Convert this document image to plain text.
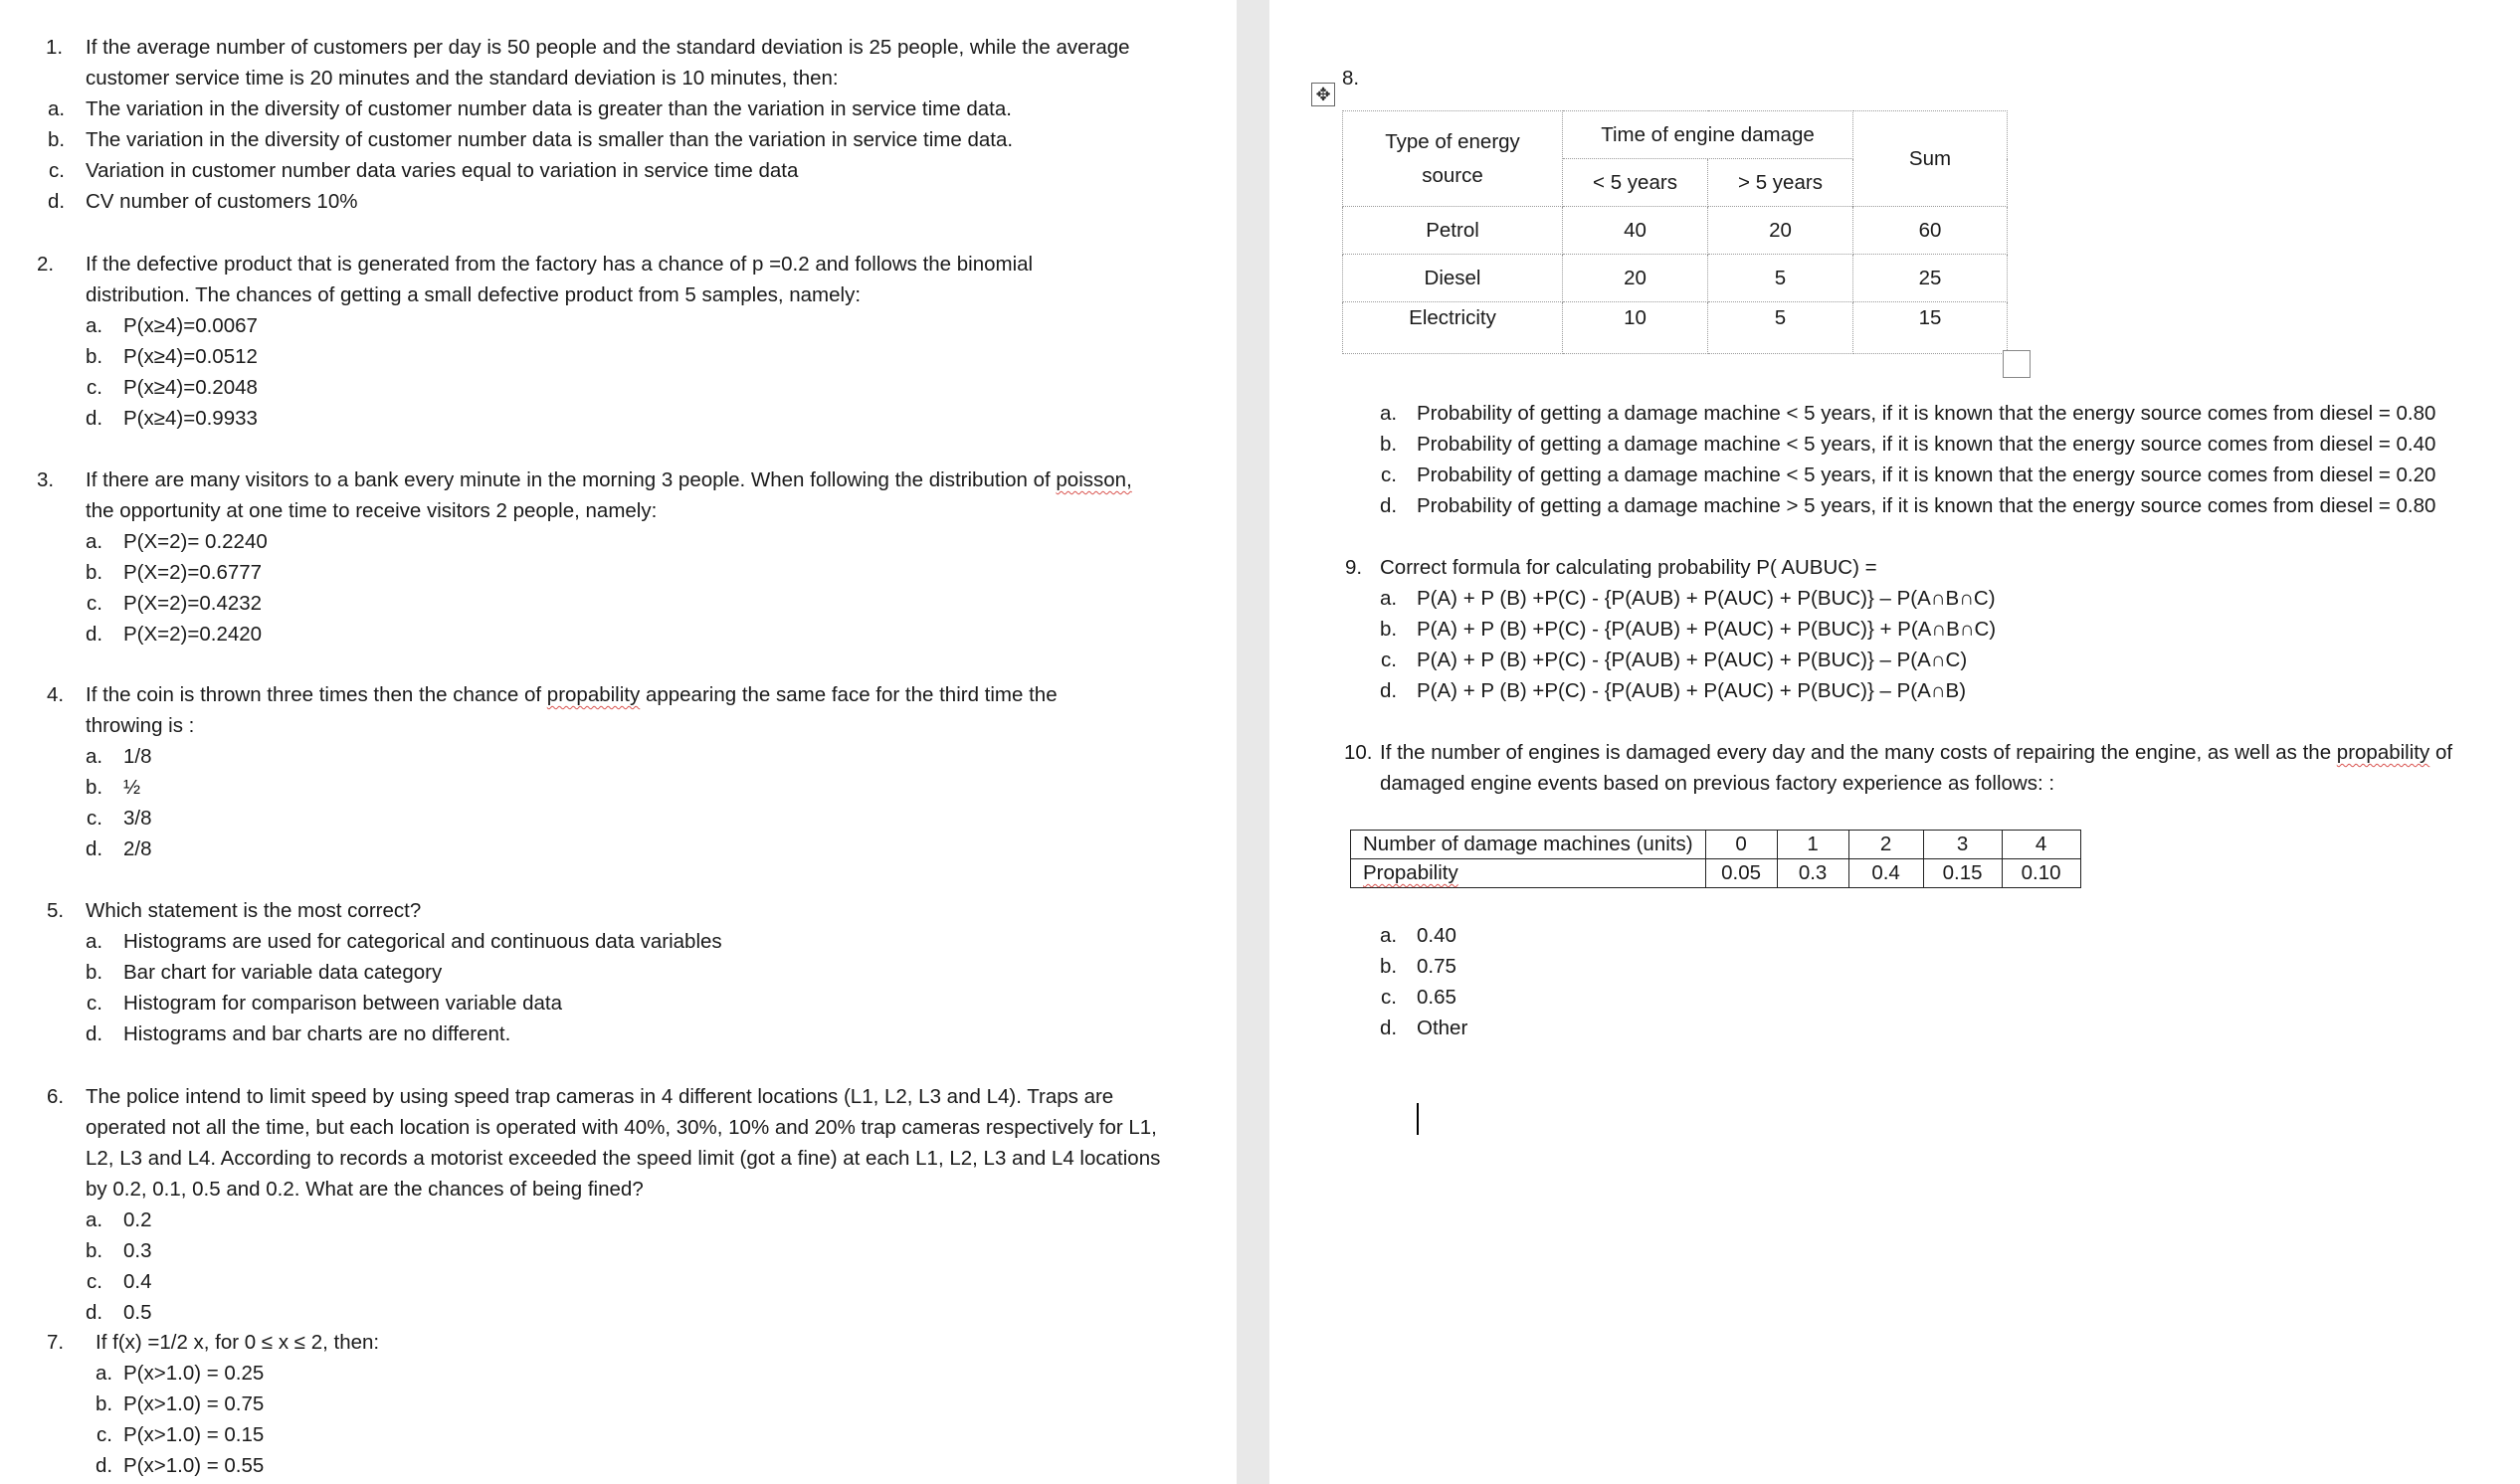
1. If the average number of customers per day is 50 people and the standard deviation is 25 people, while the average
customer service time is 20 minutes and the standard deviation is 10 minutes, then:
a. The variation in the diversity of customer number data is greater than the variation in service time data.
b. The variation in the diversity of customer number data is smaller than the variation in service time data.
c. Variation in customer number data varies equal to variation in service time data
d. CV number of customers 10%
2. If the defective product that is generated from the factory has a chance of p =0.2 and follows the binomial
distribution. The chances of getting a small defective product from 5 samples, namely:
a. P(x≥4)=0.0067
b. P(x≥4)=0.0512
c. P(x≥4)=0.2048
d. P(x≥4)=0.9933
3. If there are many visitors to a bank every minute in the morning 3 people. When following the distribution of poisson,
the opportunity at one time to receive visitors 2 people, namely:
a. P(X=2)= 0.2240
b. P(X=2)=0.6777
c. P(X=2)=0.4232
d. P(X=2)=0.2420
4. If the coin is thrown three times then the chance of propability appearing the same face for the third time the
throwing is :
a. 1/8
b. ½
c. 3/8
d. 2/8
5. Which statement is the most correct?
a. Histograms are used for categorical and continuous data variables
b. Bar chart for variable data category
c. Histogram for comparison between variable data
d. Histograms and bar charts are no different.
6. The police intend to limit speed by using speed trap cameras in 4 different locations (L1, L2, L3 and L4). Traps are
operated not all the time, but each location is operated with 40%, 30%, 10% and 20% trap cameras respectively for L1,
L2, L3 and L4. According to records a motorist exceeded the speed limit (got a fine) at each L1, L2, L3 and L4 locations
by 0.2, 0.1, 0.5 and 0.2. What are the chances of being fined?
a. 0.2
b. 0.3
c. 0.4
d. 0.5
7. If f(x) =1/2 x, for 0 ≤ x ≤ 2, then:
a. P(x>1.0) = 0.25
b. P(x>1.0) = 0.75
c. P(x>1.0) = 0.15
d. P(x>1.0) = 0.55
✥
8.
Type of energy
source	Time of engine damage		Sum
	< 5 years	> 5 years	
Petrol	40	20	60
Diesel	20	5	25
Electricity	10	5	15
a. Probability of getting a damage machine < 5 years, if it is known that the energy source comes from diesel = 0.80
b. Probability of getting a damage machine < 5 years, if it is known that the energy source comes from diesel = 0.40
c. Probability of getting a damage machine < 5 years, if it is known that the energy source comes from diesel = 0.20
d. Probability of getting a damage machine > 5 years, if it is known that the energy source comes from diesel = 0.80
9. Correct formula for calculating probability P( AUBUC) =
a. P(A) + P (B) +P(C) - {P(AUB) + P(AUC) + P(BUC)} – P(A∩B∩C)
b. P(A) + P (B) +P(C) - {P(AUB) + P(AUC) + P(BUC)} + P(A∩B∩C)
c. P(A) + P (B) +P(C) - {P(AUB) + P(AUC) + P(BUC)} – P(A∩C)
d. P(A) + P (B) +P(C) - {P(AUB) + P(AUC) + P(BUC)} – P(A∩B)
10. If the number of engines is damaged every day and the many costs of repairing the engine, as well as the propability of
damaged engine events based on previous factory experience as follows: :
Number of damage machines (units)	0	1	2	3	4
Propability	0.05	0.3	0.4	0.15	0.10
a. 0.40
b. 0.75
c. 0.65
d. Other
